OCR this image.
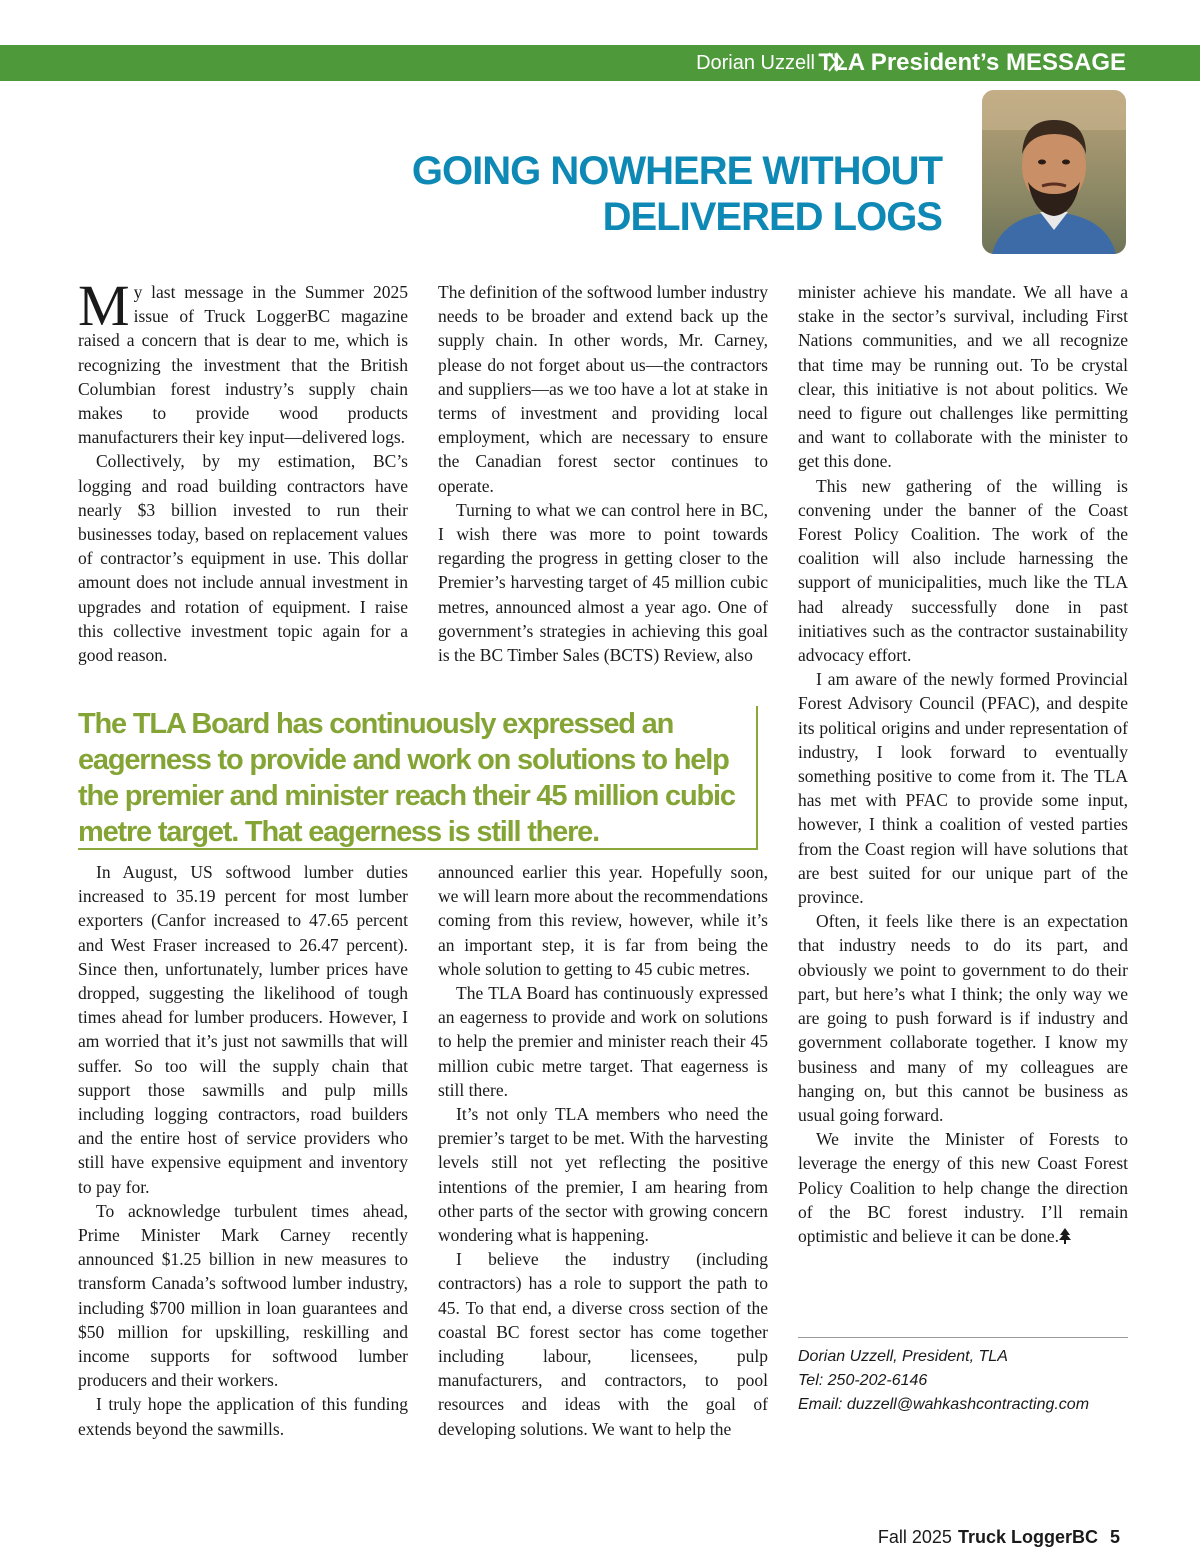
Dorian Uzzell TLA President’s MESSAGE
GOING NOWHERE WITHOUT
DELIVERED LOGS

My last message in the Summer 2025 issue of Truck LoggerBC magazine raised a concern that is dear to me, which is recognizing the investment that the British Columbian forest industry’s supply chain makes to provide wood products manufacturers their key input—delivered logs.

Collectively, by my estimation, BC’s logging and road building contractors have nearly $3 billion invested to run their businesses today, based on replacement values of contractor’s equipment in use. This dollar amount does not include annual investment in upgrades and rotation of equipment. I raise this collective investment topic again for a good reason.

The definition of the softwood lumber industry needs to be broader and extend back up the supply chain. In other words, Mr. Carney, please do not forget about us—the contractors and suppliers—as we too have a lot at stake in terms of investment and providing local employment, which are necessary to ensure the Canadian forest sector continues to operate.

Turning to what we can control here in BC, I wish there was more to point towards regarding the progress in getting closer to the Premier’s harvesting target of 45 million cubic metres, announced almost a year ago. One of government’s strategies in achieving this goal is the BC Timber Sales (BCTS) Review, also

The TLA Board has continuously expressed an eagerness to provide and work on solutions to help the premier and minister reach their 45 million cubic metre target. That eagerness is still there.

In August, US softwood lumber duties increased to 35.19 percent for most lumber exporters (Canfor increased to 47.65 percent and West Fraser increased to 26.47 percent). Since then, unfortunately, lumber prices have dropped, suggesting the likelihood of tough times ahead for lumber producers. However, I am worried that it’s just not sawmills that will suffer. So too will the supply chain that support those sawmills and pulp mills including logging contractors, road builders and the entire host of service providers who still have expensive equipment and inventory to pay for.

To acknowledge turbulent times ahead, Prime Minister Mark Carney recently announced $1.25 billion in new measures to transform Canada’s softwood lumber industry, including $700 million in loan guarantees and $50 million for upskilling, reskilling and income supports for softwood lumber producers and their workers.

I truly hope the application of this funding extends beyond the sawmills.

announced earlier this year. Hopefully soon, we will learn more about the recommendations coming from this review, however, while it’s an important step, it is far from being the whole solution to getting to 45 cubic metres.

The TLA Board has continuously expressed an eagerness to provide and work on solutions to help the premier and minister reach their 45 million cubic metre target. That eagerness is still there.

It’s not only TLA members who need the premier’s target to be met. With the harvesting levels still not yet reflecting the positive intentions of the premier, I am hearing from other parts of the sector with growing concern wondering what is happening.

I believe the industry (including contractors) has a role to support the path to 45. To that end, a diverse cross section of the coastal BC forest sector has come together including labour, licensees, pulp manufacturers, and contractors, to pool resources and ideas with the goal of developing solutions. We want to help the

minister achieve his mandate. We all have a stake in the sector’s survival, including First Nations communities, and we all recognize that time may be running out. To be crystal clear, this initiative is not about politics. We need to figure out challenges like permitting and want to collaborate with the minister to get this done.

This new gathering of the willing is convening under the banner of the Coast Forest Policy Coalition. The work of the coalition will also include harnessing the support of municipalities, much like the TLA had already successfully done in past initiatives such as the contractor sustainability advocacy effort.

I am aware of the newly formed Provincial Forest Advisory Council (PFAC), and despite its political origins and under representation of industry, I look forward to eventually something positive to come from it. The TLA has met with PFAC to provide some input, however, I think a coalition of vested parties from the Coast region will have solutions that are best suited for our unique part of the province.

Often, it feels like there is an expectation that industry needs to do its part, and obviously we point to government to do their part, but here’s what I think; the only way we are going to push forward is if industry and government collaborate together. I know my business and many of my colleagues are hanging on, but this cannot be business as usual going forward.

We invite the Minister of Forests to leverage the energy of this new Coast Forest Policy Coalition to help change the direction of the BC forest industry. I’ll remain optimistic and believe it can be done.

Dorian Uzzell, President, TLA
Tel: 250-202-6146
Email: duzzell@wahkashcontracting.com
Fall 2025 Truck LoggerBC 5
